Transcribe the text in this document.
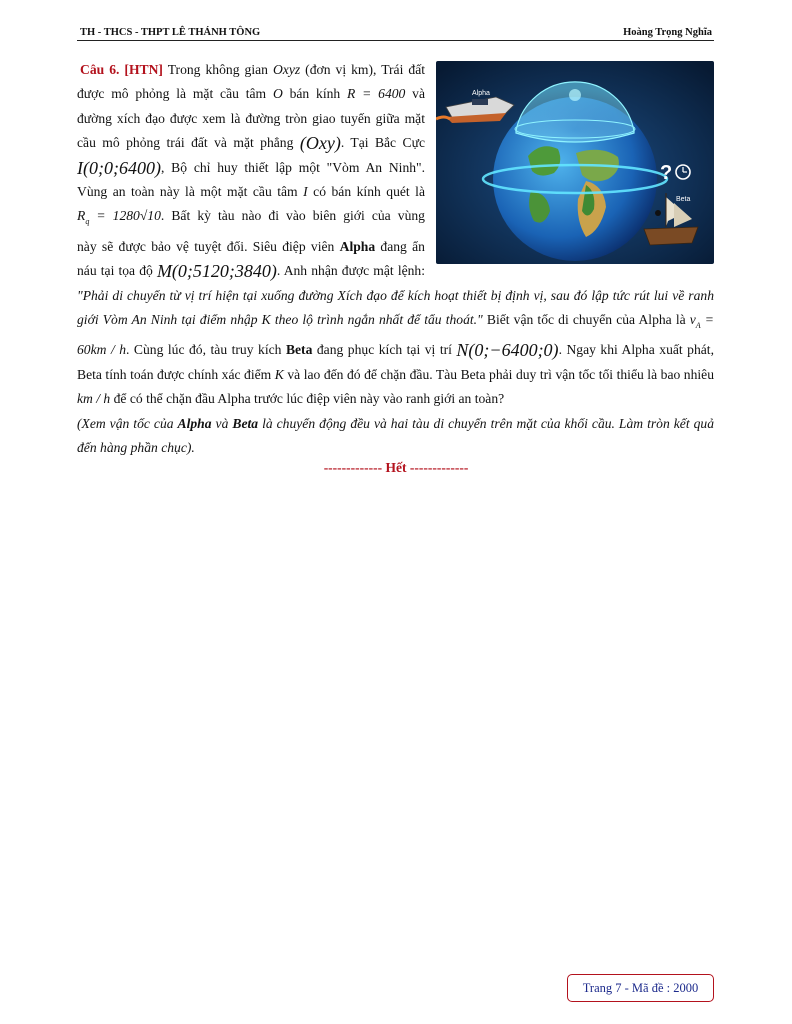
TH - THCS - THPT LÊ THÁNH TÔNG	Hoàng Trọng Nghĩa
Alpha
Beta
?
Câu 6. [HTN] Trong không gian Oxyz (đơn vị km), Trái đất
được mô phỏng là mặt cầu tâm O bán kính R = 6400 và
đường xích đạo được xem là đường tròn giao tuyến giữa mặt
cầu mô phỏng trái đất và mặt phẳng (Oxy). Tại Bắc Cực
I(0;0;6400), Bộ chỉ huy thiết lập một "Vòm An Ninh".
Vùng an toàn này là một mặt cầu tâm I có bán kính quét là
$R_q = 1280√10$. Bất kỳ tàu nào đi vào biên giới của vùng
này sẽ được bảo vệ tuyệt đối. Siêu điệp viên Alpha đang ẩn
náu tại tọa độ M(0;5120;3840). Anh nhận được mật lệnh:
"Phải di chuyển từ vị trí hiện tại xuống đường Xích đạo để kích hoạt thiết bị định vị, sau đó lập tức rút lui về ranh giới Vòm An Ninh tại điểm nhập K theo lộ trình ngắn nhất để tẩu thoát." Biết vận tốc di chuyển của Alpha là $v_A = 60km / h$. Cùng lúc đó, tàu truy kích Beta đang phục kích tại vị trí N(0;−6400;0). Ngay khi Alpha xuất phát, Beta tính toán được chính xác điểm K và lao đến đó để chặn đầu. Tàu Beta phải duy trì vận tốc tối thiểu là bao nhiêu km / h để có thể chặn đầu Alpha trước lúc điệp viên này vào ranh giới an toàn?
(Xem vận tốc của Alpha và Beta là chuyển động đều và hai tàu di chuyển trên mặt của khối cầu. Làm tròn kết quả đến hàng phần chục).
------------- Hết -------------
Trang 7 - Mã đề : 2000
